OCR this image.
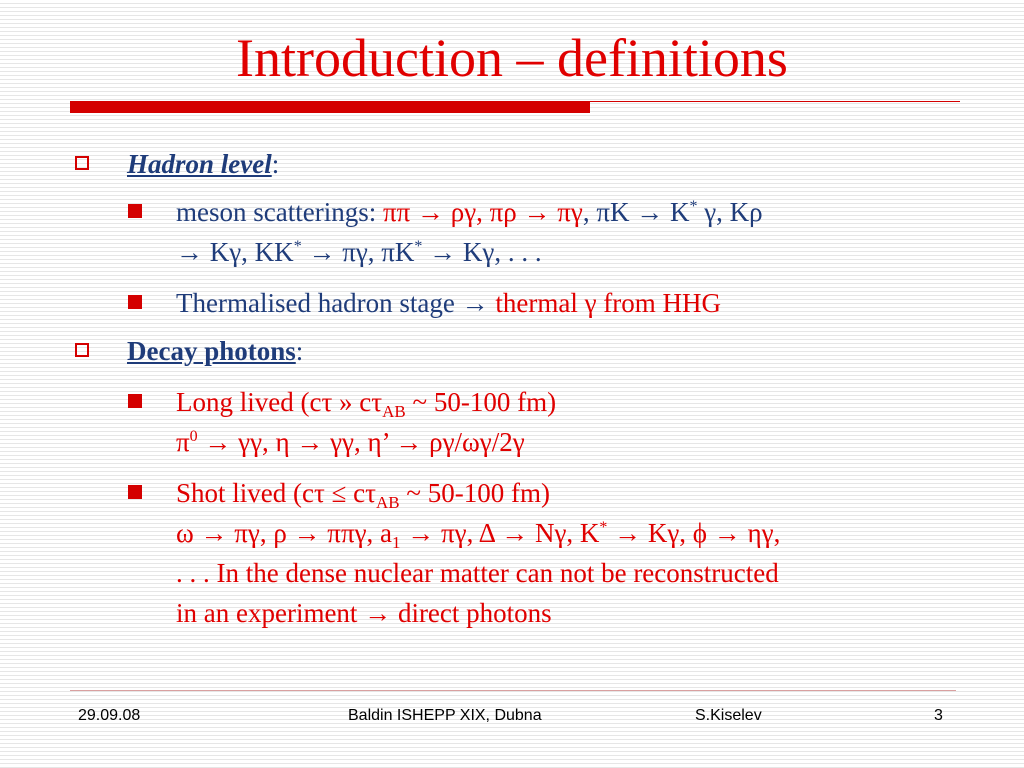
Introduction – definitions
Hadron level:
meson scatterings: ππ → ργ, πρ → πγ, πK → K* γ, Kρ
→ Kγ, KK* → πγ, πK* → Kγ, . . .
Thermalised hadron stage → thermal γ from HHG
Decay photons:
Long lived (cτ » $c\tau_{AB}$ ~ 50-100 fm)
$\pi^0 \to \gamma\gamma$, η → γγ, η’ → ργ/ωγ/2γ
Shot lived ($c\tau \le c\tau_{AB}$ ~ 50-100 fm)
ω → πγ, ρ → ππγ, $a_1 \to \pi\gamma$, Δ → Nγ, K* → Kγ, ϕ → ηγ,
. . . In the dense nuclear matter can not be reconstructed
in an experiment → direct photons
29.09.08	Baldin ISHEPP XIX, Dubna	S.Kiselev	3
